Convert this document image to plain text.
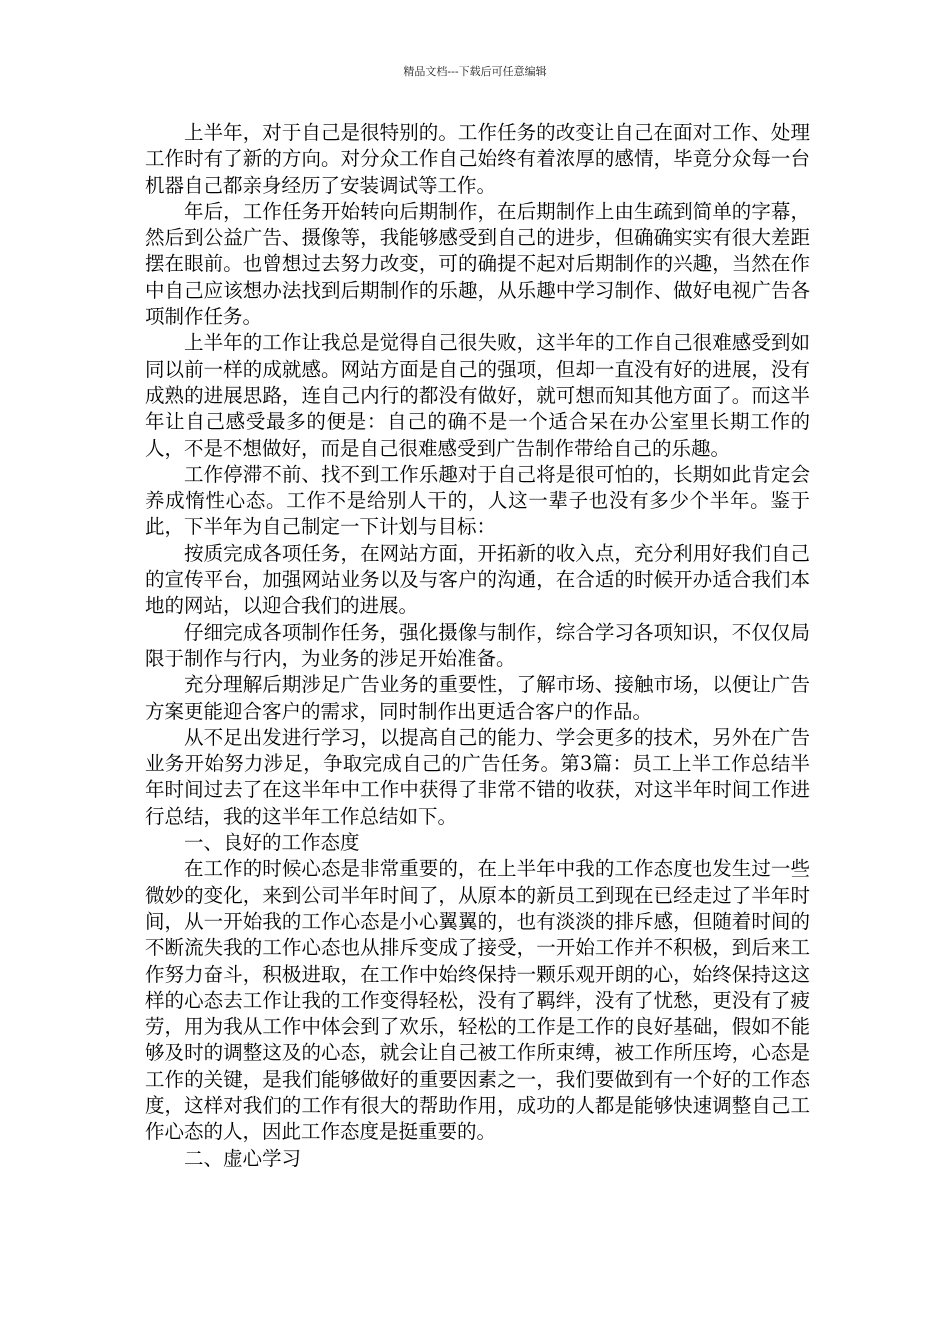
精品文档---下载后可任意编辑

上半年，对于自己是很特别的。工作任务的改变让自己在面对工作、处理工作时有了新的方向。对分众工作自己始终有着浓厚的感情，毕竟分众每一台机器自己都亲身经历了安装调试等工作。

年后，工作任务开始转向后期制作，在后期制作上由生疏到简单的字幕，然后到公益广告、摄像等，我能够感受到自己的进步，但确确实实有很大差距摆在眼前。也曾想过去努力改变，可的确提不起对后期制作的兴趣，当然在作中自己应该想办法找到后期制作的乐趣，从乐趣中学习制作、做好电视广告各项制作任务。

上半年的工作让我总是觉得自己很失败，这半年的工作自己很难感受到如同以前一样的成就感。网站方面是自己的强项，但却一直没有好的进展，没有成熟的进展思路，连自己内行的都没有做好，就可想而知其他方面了。而这半年让自己感受最多的便是：自己的确不是一个适合呆在办公室里长期工作的人，不是不想做好，而是自己很难感受到广告制作带给自己的乐趣。

工作停滞不前、找不到工作乐趣对于自己将是很可怕的，长期如此肯定会养成惰性心态。工作不是给别人干的，人这一辈子也没有多少个半年。鉴于此，下半年为自己制定一下计划与目标：

按质完成各项任务，在网站方面，开拓新的收入点，充分利用好我们自己的宣传平台，加强网站业务以及与客户的沟通，在合适的时候开办适合我们本地的网站，以迎合我们的进展。

仔细完成各项制作任务，强化摄像与制作，综合学习各项知识，不仅仅局限于制作与行内，为业务的涉足开始准备。

充分理解后期涉足广告业务的重要性，了解市场、接触市场，以便让广告方案更能迎合客户的需求，同时制作出更适合客户的作品。

从不足出发进行学习，以提高自己的能力、学会更多的技术，另外在广告业务开始努力涉足，争取完成自己的广告任务。第3篇：员工上半工作总结半年时间过去了在这半年中工作中获得了非常不错的收获，对这半年时间工作进行总结，我的这半年工作总结如下。

一、良好的工作态度

在工作的时候心态是非常重要的，在上半年中我的工作态度也发生过一些微妙的变化，来到公司半年时间了，从原本的新员工到现在已经走过了半年时间，从一开始我的工作心态是小心翼翼的，也有淡淡的排斥感，但随着时间的不断流失我的工作心态也从排斥变成了接受，一开始工作并不积极，到后来工作努力奋斗，积极进取，在工作中始终保持一颗乐观开朗的心，始终保持这这样的心态去工作让我的工作变得轻松，没有了羁绊，没有了忧愁，更没有了疲劳，用为我从工作中体会到了欢乐，轻松的工作是工作的良好基础，假如不能够及时的调整这及的心态，就会让自己被工作所束缚，被工作所压垮，心态是工作的关键，是我们能够做好的重要因素之一，我们要做到有一个好的工作态度，这样对我们的工作有很大的帮助作用，成功的人都是能够快速调整自己工作心态的人，因此工作态度是挺重要的。

二、虚心学习
